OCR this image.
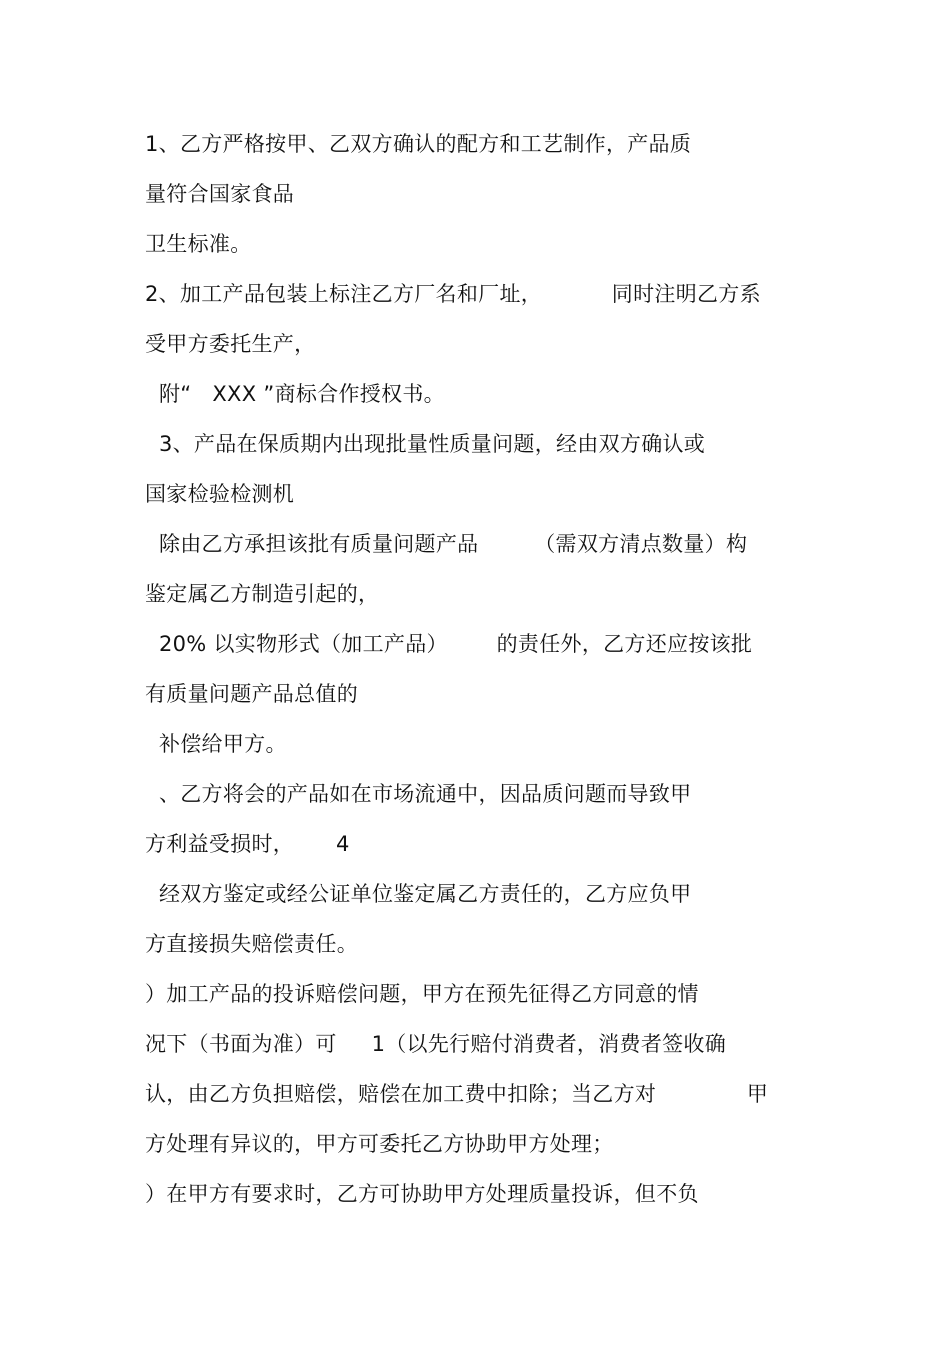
1、乙方严格按甲、乙双方确认的配方和工艺制作，产品质
量符合国家食品
卫生标准。
2、加工产品包装上标注乙方厂名和厂址，          同时注明乙方系
受甲方委托生产，
附“   XXX ”商标合作授权书。
3、产品在保质期内出现批量性质量问题，经由双方确认或
国家检验检测机
除由乙方承担该批有质量问题产品        （需双方清点数量）构
鉴定属乙方制造引起的，
20% 以实物形式（加工产品）       的责任外，乙方还应按该批
有质量问题产品总值的
补偿给甲方。
、乙方将会的产品如在市场流通中，因品质问题而导致甲
方利益受损时，      4
经双方鉴定或经公证单位鉴定属乙方责任的，乙方应负甲
方直接损失赔偿责任。
）加工产品的投诉赔偿问题，甲方在预先征得乙方同意的情
况下（书面为准）可     1（以先行赔付消费者，消费者签收确
认，由乙方负担赔偿，赔偿在加工费中扣除；当乙方对             甲
方处理有异议的，甲方可委托乙方协助甲方处理；
）在甲方有要求时，乙方可协助甲方处理质量投诉，但不负
